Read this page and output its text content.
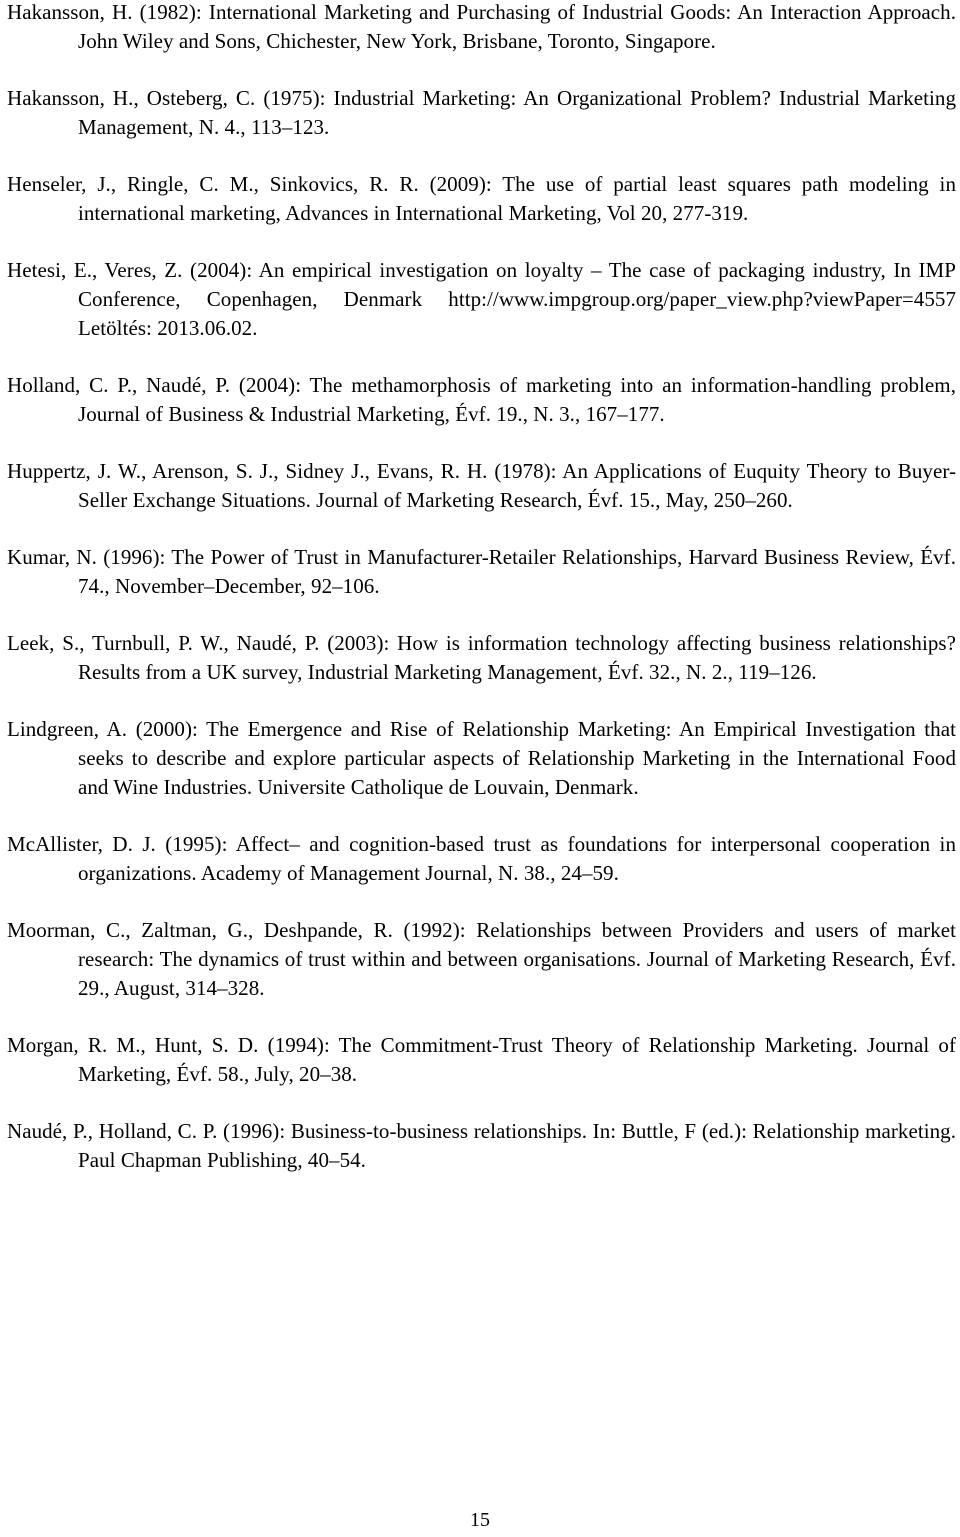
Hakansson, H. (1982): International Marketing and Purchasing of Industrial Goods: An Interaction Approach. John Wiley and Sons, Chichester, New York, Brisbane, Toronto, Singapore.

Hakansson, H., Osteberg, C. (1975): Industrial Marketing: An Organizational Problem? Industrial Marketing Management, N. 4., 113–123.

Henseler, J., Ringle, C. M., Sinkovics, R. R. (2009): The use of partial least squares path modeling in international marketing, Advances in International Marketing, Vol 20, 277-319.

Hetesi, E., Veres, Z. (2004): An empirical investigation on loyalty – The case of packaging industry, In IMP Conference, Copenhagen, Denmark http://www.impgroup.org/paper_view.php?viewPaper=4557 Letöltés: 2013.06.02.

Holland, C. P., Naudé, P. (2004): The methamorphosis of marketing into an information-handling problem, Journal of Business & Industrial Marketing, Évf. 19., N. 3., 167–177.

Huppertz, J. W., Arenson, S. J., Sidney J., Evans, R. H. (1978): An Applications of Euquity Theory to Buyer-Seller Exchange Situations. Journal of Marketing Research, Évf. 15., May, 250–260.

Kumar, N. (1996): The Power of Trust in Manufacturer-Retailer Relationships, Harvard Business Review, Évf. 74., November–December, 92–106.

Leek, S., Turnbull, P. W., Naudé, P. (2003): How is information technology affecting business relationships? Results from a UK survey, Industrial Marketing Management, Évf. 32., N. 2., 119–126.

Lindgreen, A. (2000): The Emergence and Rise of Relationship Marketing: An Empirical Investigation that seeks to describe and explore particular aspects of Relationship Marketing in the International Food and Wine Industries. Universite Catholique de Louvain, Denmark.

McAllister, D. J. (1995): Affect– and cognition-based trust as foundations for interpersonal cooperation in organizations. Academy of Management Journal, N. 38., 24–59.

Moorman, C., Zaltman, G., Deshpande, R. (1992): Relationships between Providers and users of market research: The dynamics of trust within and between organisations. Journal of Marketing Research, Évf. 29., August, 314–328.

Morgan, R. M., Hunt, S. D. (1994): The Commitment-Trust Theory of Relationship Marketing. Journal of Marketing, Évf. 58., July, 20–38.

Naudé, P., Holland, C. P. (1996): Business-to-business relationships. In: Buttle, F (ed.): Relationship marketing. Paul Chapman Publishing, 40–54.

15
